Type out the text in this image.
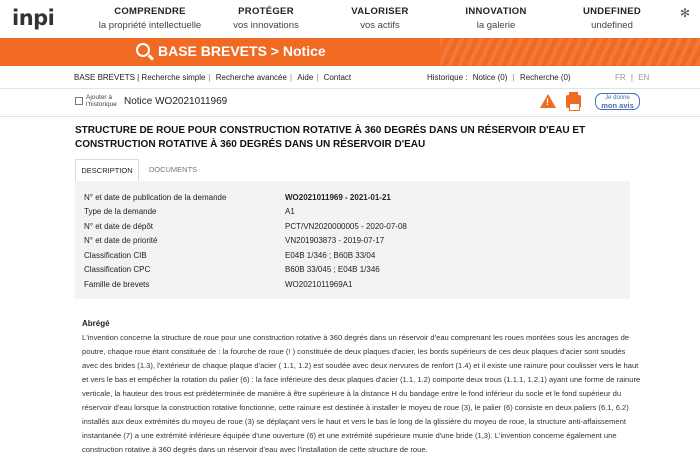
inpi	COMPRENDRE
la propriété intellectuelle
PROTÉGER
vos innovations
VALORISER
vos actifs
INNOVATION
la galerie
UNDEFINED
undefined
✻
BASE BREVETS > Notice
BASE BREVETS | Recherche simple | Recherche avancée | Aide | Contact	Historique : Notice (0) | Recherche (0)	FR | EN
Ajouter à l'historique Notice WO2021011969
!	Je donne
mon avis
STRUCTURE DE ROUE POUR CONSTRUCTION ROTATIVE À 360 DEGRÉS DANS UN RÉSERVOIR D'EAU ET CONSTRUCTION ROTATIVE À 360 DEGRÉS DANS UN RÉSERVOIR D'EAU
DESCRIPTION	DOCUMENTS
N° et date de publication de la demande	WO2021011969 - 2021-01-21
Type de la demande	A1
N° et date de dépôt	PCT/VN2020000005 - 2020-07-08
N° et date de priorité	VN201903873 - 2019-07-17
Classification CIB	E04B 1/346 ; B60B 33/04
Classification CPC	B60B 33/045 ; E04B 1/346
Famille de brevets	WO2021011969A1
Abrégé
L'invention concerne la structure de roue pour une construction rotative à 360 degrés dans un réservoir d'eau comprenant les roues montées sous les ancrages de poutre, chaque roue étant constituée de : la fourche de roue (! ) constituée de deux plaques d'acier, les bords supérieurs de ces deux plaques d'acier sont soudés avec des brides (1.3), l'extérieur de chaque plaque d'acier ( 1.1, 1.2) est soudée avec deux nervures de renfort (1.4) et il existe une rainure pour coulisser vers le haut et vers le bas et empêcher la rotation du palier (6) : la face inférieure des deux plaques d'acier (1.1, 1.2) comporte deux trous (1.1.1, 1.2.1) ayant une forme de rainure verticale, la hauteur des trous est prédéterminée de manière à être supérieure à la distance H du bandage entre le fond inférieur du socle et le fond supérieur du réservoir d'eau lorsque la construction rotative fonctionne, cette rainure est destinée à installer le moyeu de roue (3), le palier (6) consiste en deux paliers (6.1, 6.2) installés aux deux extrémités du moyeu de roue (3) se déplaçant vers le haut et vers le bas le long de la glissière du moyeu de roue, la structure anti-affaissement instantanée (7) a une extrémité inférieure équipée d'une ouverture (6) et une extrémité supérieure munie d'une bride (1,3). L'invention concerne également une construction rotative à 360 degrés dans un réservoir d'eau avec l'installation de cette structure de roue.
